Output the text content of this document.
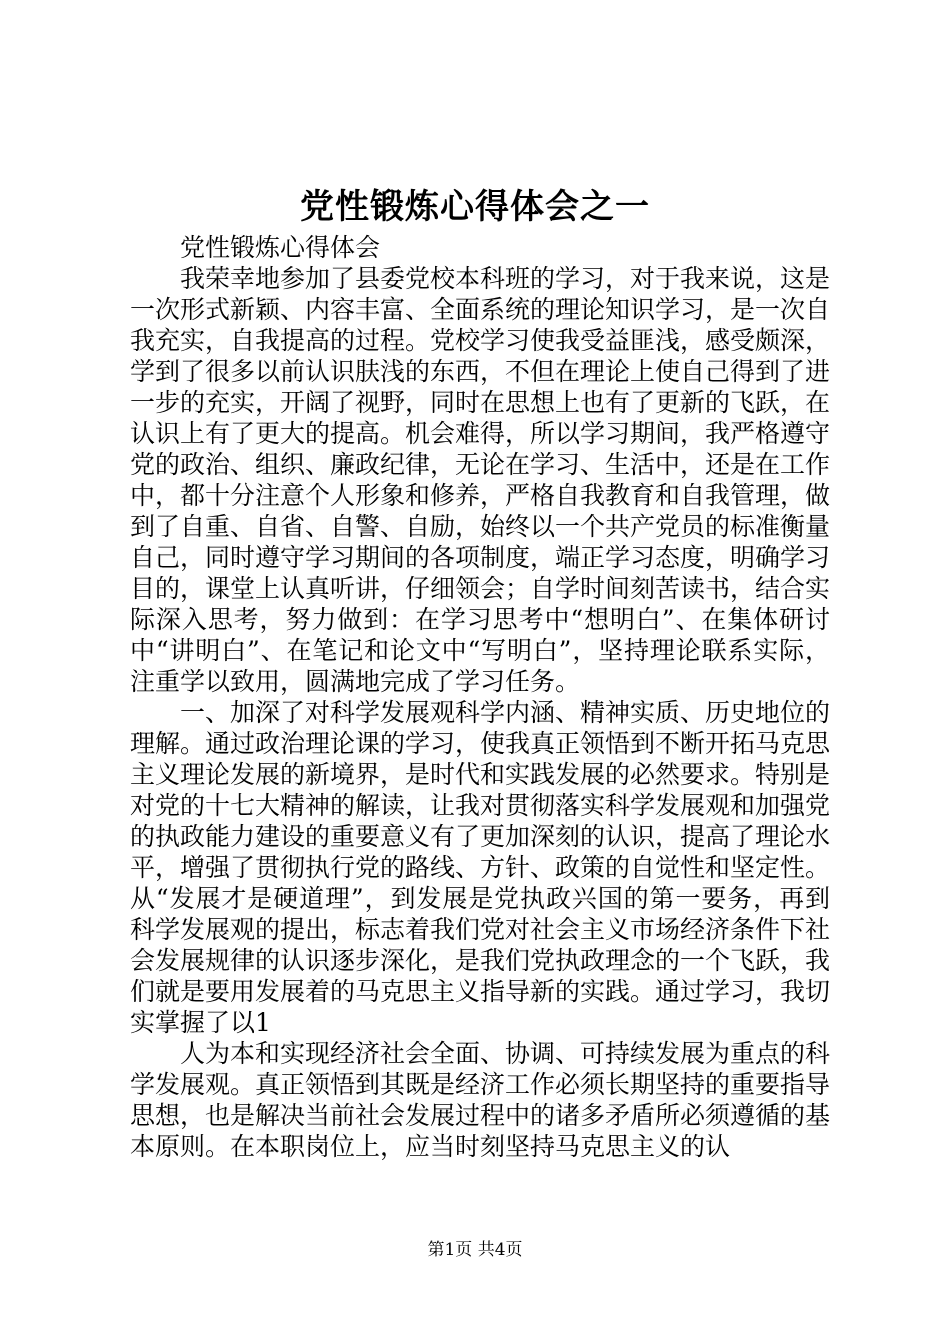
党性锻炼心得体会之一

党性锻炼心得体会

我荣幸地参加了县委党校本科班的学习，对于我来说，这是一次形式新颖、内容丰富、全面系统的理论知识学习，是一次自我充实，自我提高的过程。党校学习使我受益匪浅，感受颇深，学到了很多以前认识肤浅的东西，不但在理论上使自己得到了进一步的充实，开阔了视野，同时在思想上也有了更新的飞跃，在认识上有了更大的提高。机会难得，所以学习期间，我严格遵守党的政治、组织、廉政纪律，无论在学习、生活中，还是在工作中，都十分注意个人形象和修养，严格自我教育和自我管理，做到了自重、自省、自警、自励，始终以一个共产党员的标准衡量自己，同时遵守学习期间的各项制度，端正学习态度，明确学习目的，课堂上认真听讲，仔细领会；自学时间刻苦读书，结合实际深入思考，努力做到：在学习思考中“想明白”、在集体研讨中“讲明白”、在笔记和论文中“写明白”，坚持理论联系实际，注重学以致用，圆满地完成了学习任务。

一、加深了对科学发展观科学内涵、精神实质、历史地位的理解。通过政治理论课的学习，使我真正领悟到不断开拓马克思主义理论发展的新境界，是时代和实践发展的必然要求。特别是对党的十七大精神的解读，让我对贯彻落实科学发展观和加强党的执政能力建设的重要意义有了更加深刻的认识，提高了理论水平，增强了贯彻执行党的路线、方针、政策的自觉性和坚定性。从“发展才是硬道理”，到发展是党执政兴国的第一要务，再到科学发展观的提出，标志着我们党对社会主义市场经济条件下社会发展规律的认识逐步深化，是我们党执政理念的一个飞跃，我们就是要用发展着的马克思主义指导新的实践。通过学习，我切实掌握了以1

人为本和实现经济社会全面、协调、可持续发展为重点的科学发展观。真正领悟到其既是经济工作必须长期坚持的重要指导思想，也是解决当前社会发展过程中的诸多矛盾所必须遵循的基本原则。在本职岗位上，应当时刻坚持马克思主义的认

第1页 共4页
